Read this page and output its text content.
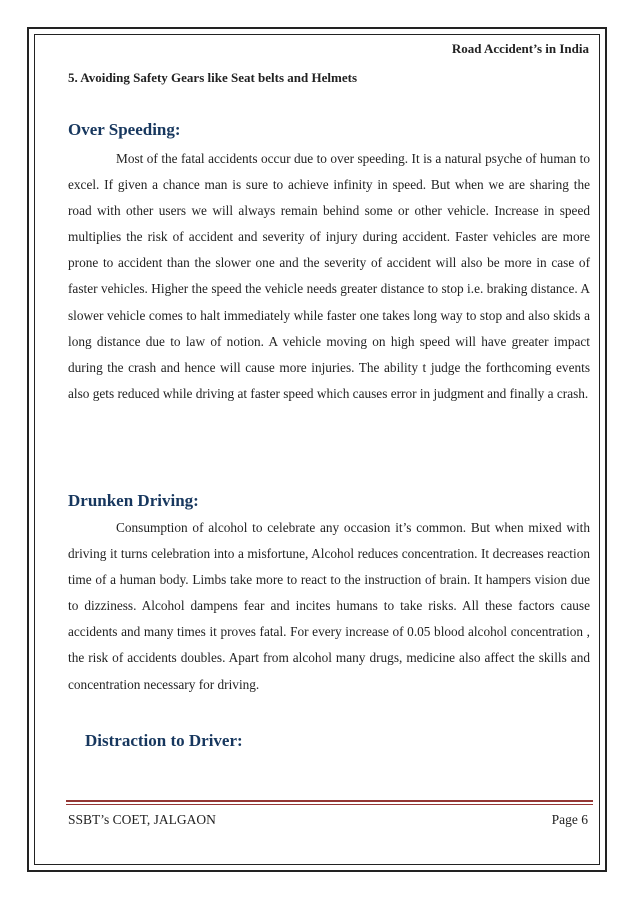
Road Accident’s in India
5. Avoiding Safety Gears like Seat belts and Helmets
Over Speeding:

Most of the fatal accidents occur due to over speeding. It is a natural psyche of human to excel. If given a chance man is sure to achieve infinity in speed. But when we are sharing the road with other users we will always remain behind some or other vehicle. Increase in speed multiplies the risk of accident and severity of injury during accident. Faster vehicles are more prone to accident than the slower one and the severity of accident will also be more in case of faster vehicles. Higher the speed the vehicle needs greater distance to stop i.e. braking distance. A slower vehicle comes to halt immediately while faster one takes long way to stop and also skids a long distance due to law of notion. A vehicle moving on high speed will have greater impact during the crash and hence will cause more injuries. The ability t judge the forthcoming events also gets reduced while driving at faster speed which causes error in judgment and finally a crash.

Drunken Driving:

Consumption of alcohol to celebrate any occasion it’s common. But when mixed with driving it turns celebration into a misfortune, Alcohol reduces concentration. It decreases reaction time of a human body. Limbs take more to react to the instruction of brain. It hampers vision due to dizziness. Alcohol dampens fear and incites humans to take risks. All these factors cause accidents and many times it proves fatal. For every increase of 0.05 blood alcohol concentration , the risk of accidents doubles. Apart from alcohol many drugs, medicine also affect the skills and concentration necessary for driving.

Distraction to Driver:
SSBT’s COET, JALGAON	Page 6
